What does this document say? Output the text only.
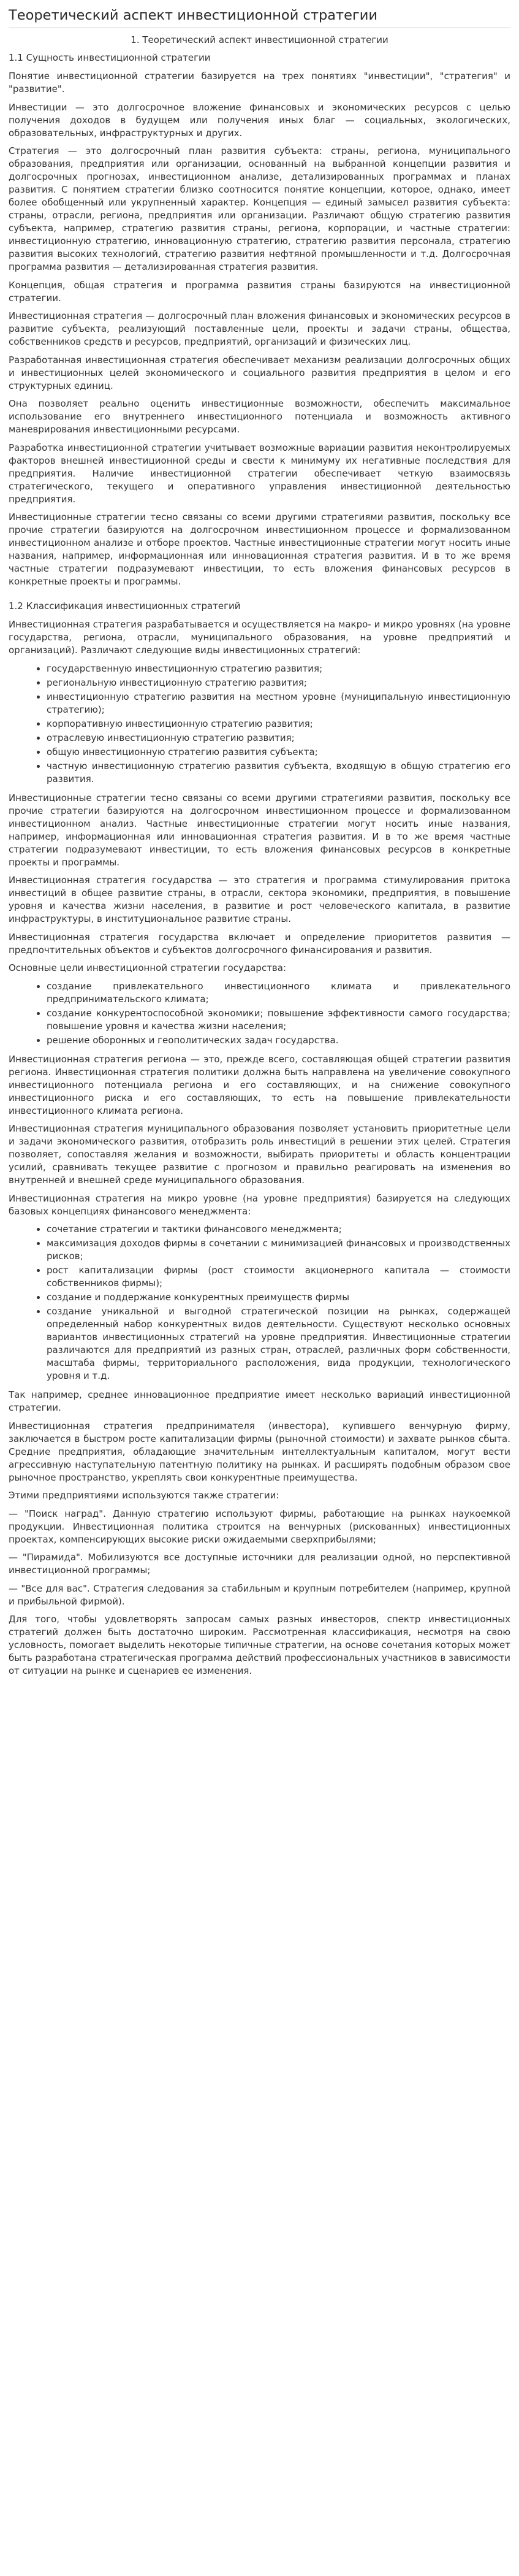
Теоретический аспект инвестиционной стратегии
1. Теоретический аспект инвестиционной стратегии
1.1 Сущность инвестиционной стратегии

Понятие инвестиционной стратегии базируется на трех понятиях "инвестиции", "стратегия" и "развитие".

Инвестиции — это долгосрочное вложение финансовых и экономических ресурсов с целью получения доходов в будущем или получения иных благ — социальных, экологических, образовательных, инфраструктурных и других.

Стратегия — это долгосрочный план развития субъекта: страны, региона, муниципального образования, предприятия или организации, основанный на выбранной концепции развития и долгосрочных прогнозах, инвестиционном анализе, детализированных программах и планах развития. С понятием стратегии близко соотносится понятие концепции, которое, однако, имеет более обобщенный или укрупненный характер. Концепция — единый замысел развития субъекта: страны, отрасли, региона, предприятия или организации. Различают общую стратегию развития субъекта, например, стратегию развития страны, региона, корпорации, и частные стратегии: инвестиционную стратегию, инновационную стратегию, стратегию развития персонала, стратегию развития высоких технологий, стратегию развития нефтяной промышленности и т.д. Долгосрочная программа развития — детализированная стратегия развития.

Концепция, общая стратегия и программа развития страны базируются на инвестиционной стратегии.

Инвестиционная стратегия — долгосрочный план вложения финансовых и экономических ресурсов в развитие субъекта, реализующий поставленные цели, проекты и задачи страны, общества, собственников средств и ресурсов, предприятий, организаций и физических лиц.

Разработанная инвестиционная стратегия обеспечивает механизм реализации долгосрочных общих и инвестиционных целей экономического и социального развития предприятия в целом и его структурных единиц.

Она позволяет реально оценить инвестиционные возможности, обеспечить максимальное использование его внутреннего инвестиционного потенциала и возможность активного маневрирования инвестиционными ресурсами.

Разработка инвестиционной стратегии учитывает возможные вариации развития неконтролируемых факторов внешней инвестиционной среды и свести к минимуму их негативные последствия для предприятия. Наличие инвестиционной стратегии обеспечивает четкую взаимосвязь стратегического, текущего и оперативного управления инвестиционной деятельностью предприятия.

Инвестиционные стратегии тесно связаны со всеми другими стратегиями развития, поскольку все прочие стратегии базируются на долгосрочном инвестиционном процессе и формализованном инвестиционном анализе и отборе проектов. Частные инвестиционные стратегии могут носить иные названия, например, информационная или инновационная стратегия развития. И в то же время частные стратегии подразумевают инвестиции, то есть вложения финансовых ресурсов в конкретные проекты и программы.

1.2 Классификация инвестиционных стратегий

Инвестиционная стратегия разрабатывается и осуществляется на макро- и микро уровнях (на уровне государства, региона, отрасли, муниципального образования, на уровне предприятий и организаций). Различают следующие виды инвестиционных стратегий:

• государственную инвестиционную стратегию развития;
• региональную инвестиционную стратегию развития;
• инвестиционную стратегию развития на местном уровне (муниципальную инвестиционную стратегию);
• корпоративную инвестиционную стратегию развития;
• отраслевую инвестиционную стратегию развития;
• общую инвестиционную стратегию развития субъекта;
• частную инвестиционную стратегию развития субъекта, входящую в общую стратегию его развития.

Инвестиционные стратегии тесно связаны со всеми другими стратегиями развития, поскольку все прочие стратегии базируются на долгосрочном инвестиционном процессе и формализованном инвестиционном анализ. Частные инвестиционные стратегии могут носить иные названия, например, информационная или инновационная стратегия развития. И в то же время частные стратегии подразумевают инвестиции, то есть вложения финансовых ресурсов в конкретные проекты и программы.

Инвестиционная стратегия государства — это стратегия и программа стимулирования притока инвестиций в общее развитие страны, в отрасли, сектора экономики, предприятия, в повышение уровня и качества жизни населения, в развитие и рост человеческого капитала, в развитие инфраструктуры, в институциональное развитие страны.

Инвестиционная стратегия государства включает и определение приоритетов развития — предпочтительных объектов и субъектов долгосрочного финансирования и развития.

Основные цели инвестиционной стратегии государства:

• создание привлекательного инвестиционного климата и привлекательного предпринимательского климата;
• создание конкурентоспособной экономики; повышение эффективности самого государства; повышение уровня и качества жизни населения;
• решение оборонных и геополитических задач государства.

Инвестиционная стратегия региона — это, прежде всего, составляющая общей стратегии развития региона. Инвестиционная стратегия политики должна быть направлена на увеличение совокупного инвестиционного потенциала региона и его составляющих, и на снижение совокупного инвестиционного риска и его составляющих, то есть на повышение привлекательности инвестиционного климата региона.

Инвестиционная стратегия муниципального образования позволяет установить приоритетные цели и задачи экономического развития, отобразить роль инвестиций в решении этих целей. Стратегия позволяет, сопоставляя желания и возможности, выбирать приоритеты и область концентрации усилий, сравнивать текущее развитие с прогнозом и правильно реагировать на изменения во внутренней и внешней среде муниципального образования.

Инвестиционная стратегия на микро уровне (на уровне предприятия) базируется на следующих базовых концепциях финансового менеджмента:

• сочетание стратегии и тактики финансового менеджмента;
• максимизация доходов фирмы в сочетании с минимизацией финансовых и производственных рисков;
• рост капитализации фирмы (рост стоимости акционерного капитала — стоимости собственников фирмы);
• создание и поддержание конкурентных преимуществ фирмы
• создание уникальной и выгодной стратегической позиции на рынках, содержащей определенный набор конкурентных видов деятельности. Существуют несколько основных вариантов инвестиционных стратегий на уровне предприятия. Инвестиционные стратегии различаются для предприятий из разных стран, отраслей, различных форм собственности, масштаба фирмы, территориального расположения, вида продукции, технологического уровня и т.д.

Так например, среднее инновационное предприятие имеет несколько вариаций инвестиционной стратегии.

Инвестиционная стратегия предпринимателя (инвестора), купившего венчурную фирму, заключается в быстром росте капитализации фирмы (рыночной стоимости) и захвате рынков сбыта. Средние предприятия, обладающие значительным интеллектуальным капиталом, могут вести агрессивную наступательную патентную политику на рынках. И расширять подобным образом свое рыночное пространство, укреплять свои конкурентные преимущества.

Этими предприятиями используются также стратегии:

— "Поиск наград". Данную стратегию используют фирмы, работающие на рынках наукоемкой продукции. Инвестиционная политика строится на венчурных (рискованных) инвестиционных проектах, компенсирующих высокие риски ожидаемыми сверхприбылями;

— "Пирамида". Мобилизуются все доступные источники для реализации одной, но перспективной инвестиционной программы;

— "Все для вас". Стратегия следования за стабильным и крупным потребителем (например, крупной и прибыльной фирмой).

Для того, чтобы удовлетворять запросам самых разных инвесторов, спектр инвестиционных стратегий должен быть достаточно широким. Рассмотренная классификация, несмотря на свою условность, помогает выделить некоторые типичные стратегии, на основе сочетания которых может быть разработана стратегическая программа действий профессиональных участников в зависимости от ситуации на рынке и сценариев ее изменения.
